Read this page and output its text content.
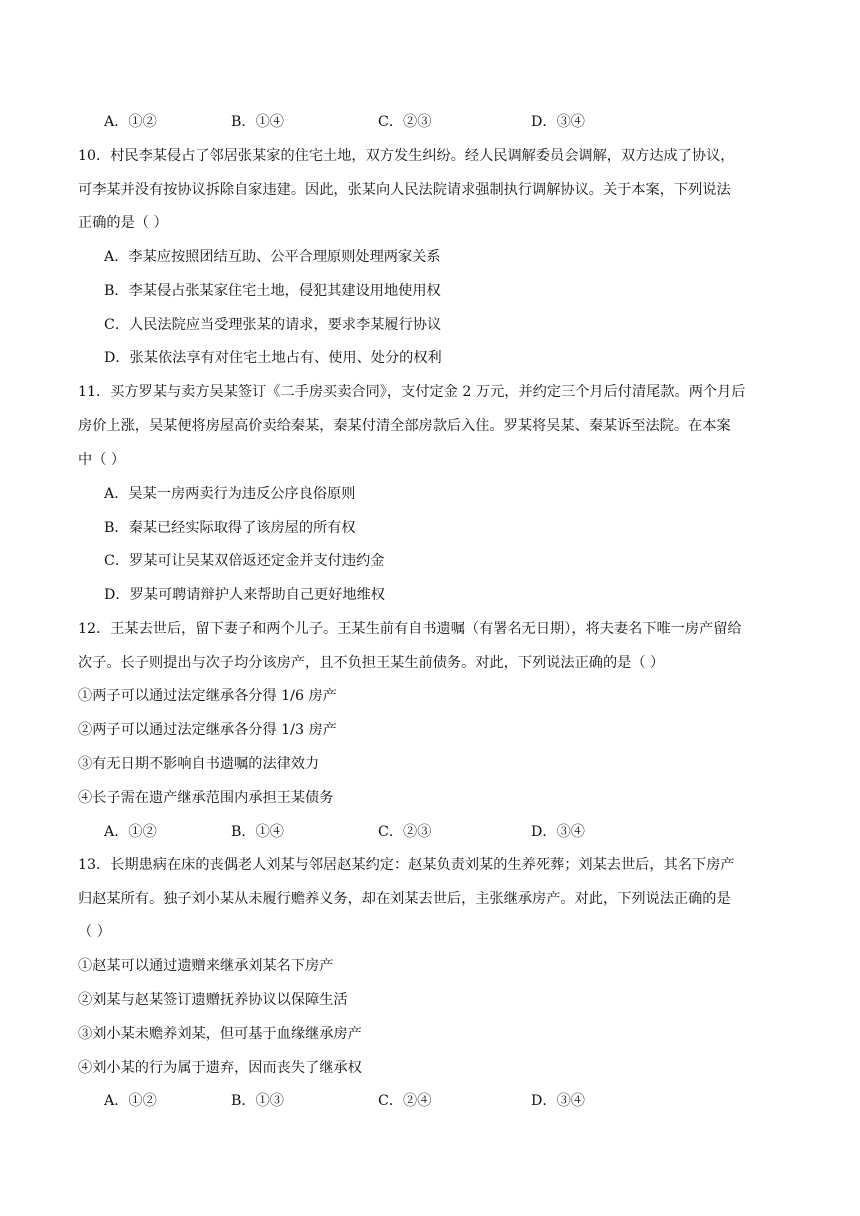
A．①②	B．①④	C．②③	D．③④
10．村民李某侵占了邻居张某家的住宅土地，双方发生纠纷。经人民调解委员会调解，双方达成了协议，
可李某并没有按协议拆除自家违建。因此，张某向人民法院请求强制执行调解协议。关于本案，下列说法
正确的是（ ）
A．李某应按照团结互助、公平合理原则处理两家关系
B．李某侵占张某家住宅土地，侵犯其建设用地使用权
C．人民法院应当受理张某的请求，要求李某履行协议
D．张某依法享有对住宅土地占有、使用、处分的权利
11．买方罗某与卖方吴某签订《二手房买卖合同》，支付定金 2 万元，并约定三个月后付清尾款。两个月后
房价上涨，吴某便将房屋高价卖给秦某，秦某付清全部房款后入住。罗某将吴某、秦某诉至法院。在本案
中（ ）
A．吴某一房两卖行为违反公序良俗原则
B．秦某已经实际取得了该房屋的所有权
C．罗某可让吴某双倍返还定金并支付违约金
D．罗某可聘请辩护人来帮助自己更好地维权
12．王某去世后，留下妻子和两个儿子。王某生前有自书遗嘱（有署名无日期），将夫妻名下唯一房产留给
次子。长子则提出与次子均分该房产，且不负担王某生前债务。对此，下列说法正确的是（ ）
①两子可以通过法定继承各分得 1/6 房产
②两子可以通过法定继承各分得 1/3 房产
③有无日期不影响自书遗嘱的法律效力
④长子需在遗产继承范围内承担王某债务
A．①②	B．①④	C．②③	D．③④
13．长期患病在床的丧偶老人刘某与邻居赵某约定：赵某负责刘某的生养死葬；刘某去世后，其名下房产
归赵某所有。独子刘小某从未履行赡养义务，却在刘某去世后，主张继承房产。对此，下列说法正确的是
（ ）
①赵某可以通过遗赠来继承刘某名下房产
②刘某与赵某签订遗赠抚养协议以保障生活
③刘小某未赡养刘某，但可基于血缘继承房产
④刘小某的行为属于遗弃，因而丧失了继承权
A．①②	B．①③	C．②④	D．③④
